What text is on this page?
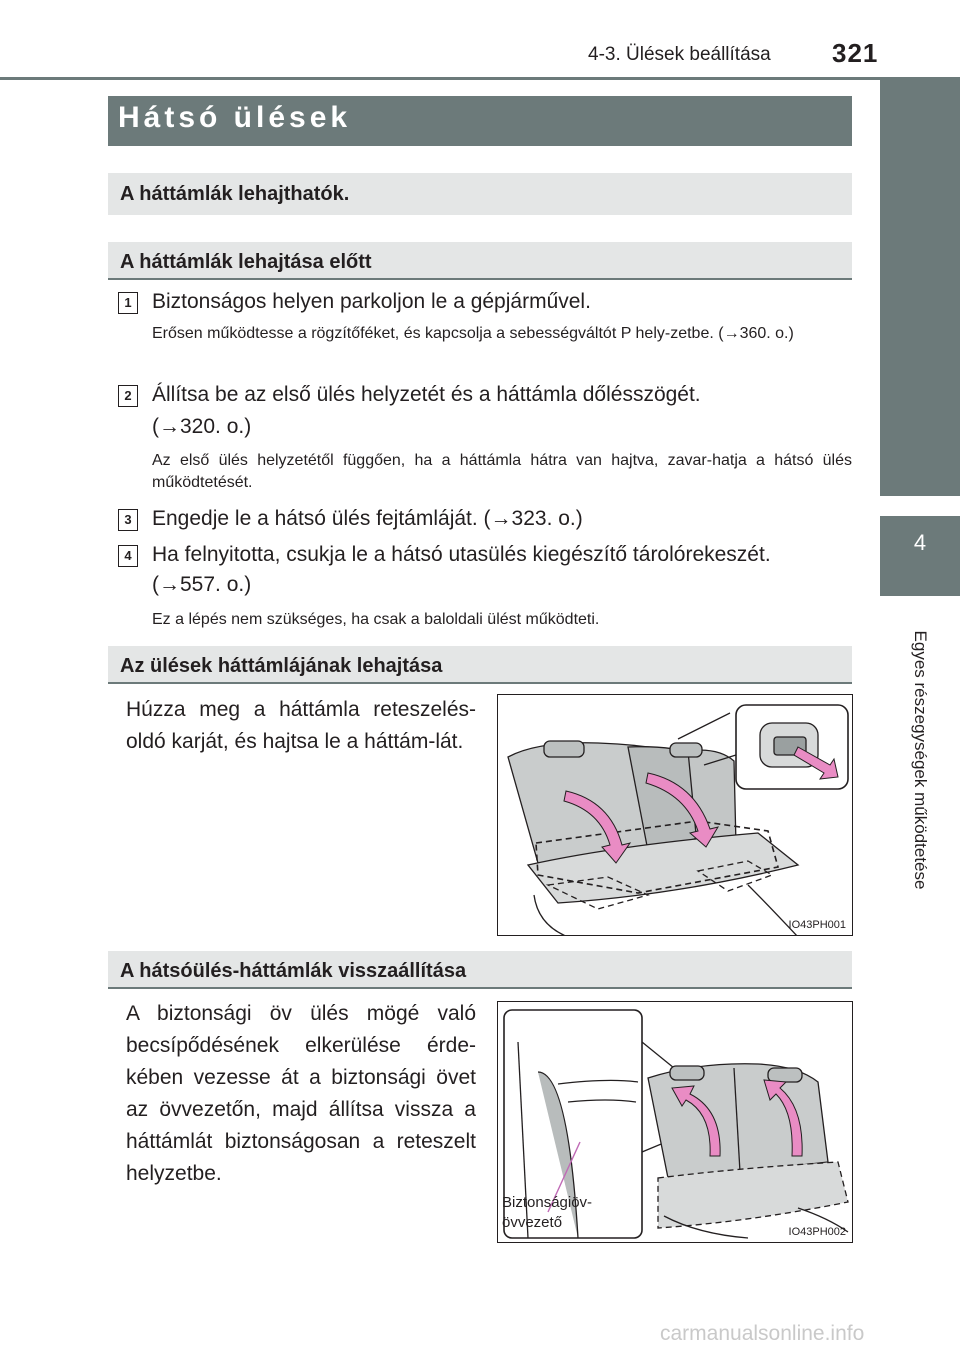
4-3. Ülések beállítása 321
4
Egyes részegységek működtetése
Hátsó ülések
A háttámlák lehajthatók.
A háttámlák lehajtása előtt
1 Biztonságos helyen parkoljon le a gépjárművel.
Erősen működtesse a rögzítőféket, és kapcsolja a sebességváltót P hely-zetbe. (→360. o.)
2 Állítsa be az első ülés helyzetét és a háttámla dőlésszögét.
(→320. o.)
Az első ülés helyzetétől függően, ha a háttámla hátra van hajtva, zavar-hatja a hátsó ülés működtetését.
3 Engedje le a hátsó ülés fejtámláját. (→323. o.)
4 Ha felnyitotta, csukja le a hátsó utasülés kiegészítő tárolórekeszét.
(→557. o.)
Ez a lépés nem szükséges, ha csak a baloldali ülést működteti.
Az ülések háttámlájának lehajtása
Húzza meg a háttámla reteszelés-oldó karját, és hajtsa le a háttám-lát.
IO43PH001
A hátsóülés-háttámlák visszaállítása
A biztonsági öv ülés mögé való becsípődésének elkerülése érde-kében vezesse át a biztonsági övet az övvezetőn, majd állítsa vissza a háttámlát biztonságosan a reteszelt helyzetbe.
Biztonságiöv-
övvezető
IO43PH002
carmanualsonline.info
